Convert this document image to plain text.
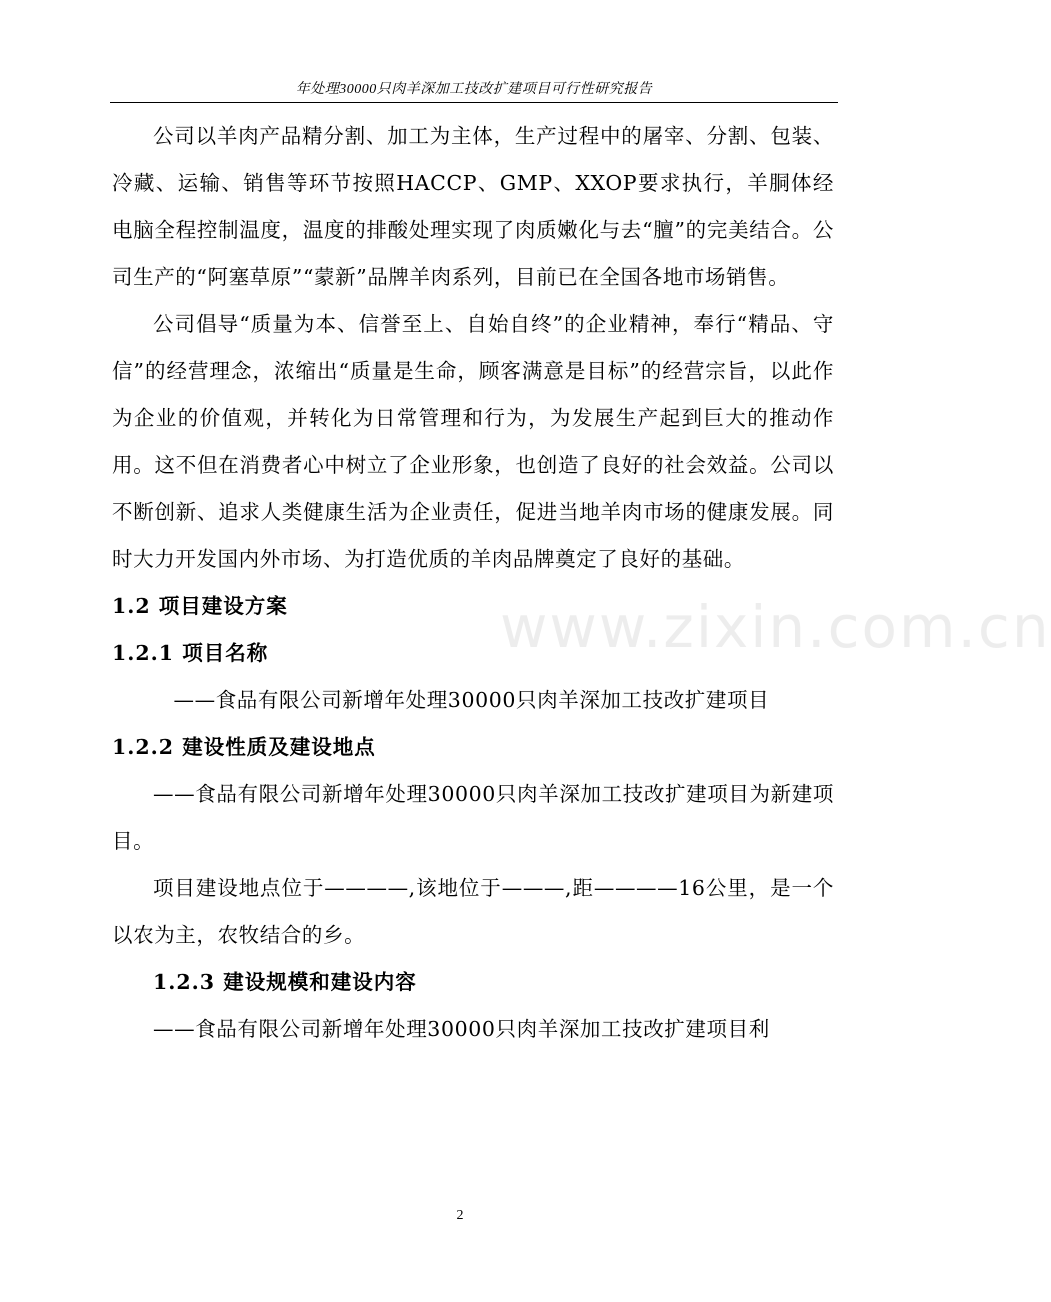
年处理30000只肉羊深加工技改扩建项目可行性研究报告

公司以羊肉产品精分割、加工为主体，生产过程中的屠宰、分割、包装、冷藏、运输、销售等环节按照HACCP、GMP、XXOP要求执行，羊胴体经电脑全程控制温度，温度的排酸处理实现了肉质嫩化与去“膻”的完美结合。公司生产的“阿塞草原”“蒙新”品牌羊肉系列，目前已在全国各地市场销售。

公司倡导“质量为本、信誉至上、自始自终”的企业精神，奉行“精品、守信”的经营理念，浓缩出“质量是生命，顾客满意是目标”的经营宗旨，以此作为企业的价值观，并转化为日常管理和行为，为发展生产起到巨大的推动作用。这不但在消费者心中树立了企业形象，也创造了良好的社会效益。公司以不断创新、追求人类健康生活为企业责任，促进当地羊肉市场的健康发展。同时大力开发国内外市场、为打造优质的羊肉品牌奠定了良好的基础。

1.2 项目建设方案

1.2.1 项目名称

——食品有限公司新增年处理30000只肉羊深加工技改扩建项目

1.2.2 建设性质及建设地点

——食品有限公司新增年处理30000只肉羊深加工技改扩建项目为新建项目。

项目建设地点位于————,该地位于———,距————16公里，是一个以农为主，农牧结合的乡。

1.2.3 建设规模和建设内容

——食品有限公司新增年处理30000只肉羊深加工技改扩建项目利

www.zixin.com.cn
2
